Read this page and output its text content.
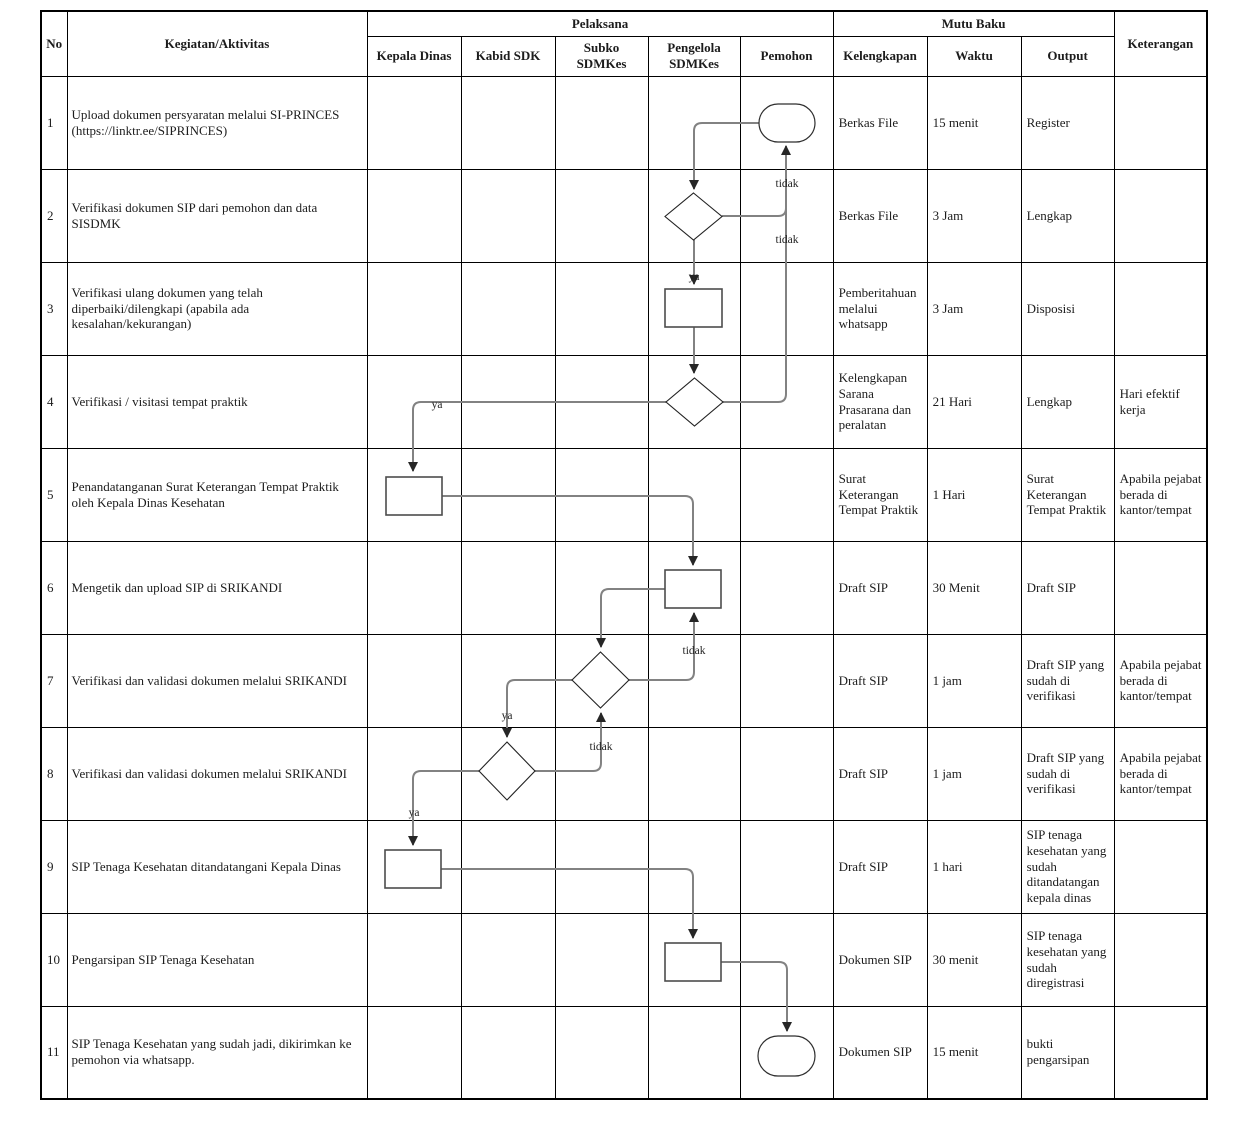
No	Kegiatan/Aktivitas	Pelaksana					Mutu Baku			Keterangan
		Kepala Dinas	Kabid SDK	Subko SDMKes	Pengelola SDMKes	Pemohon	Kelengkapan	Waktu	Output	
1	Upload dokumen persyaratan melalui SI-PRINCES (https://linktr.ee/SIPRINCES)						Berkas File	15 menit	Register	
2	Verifikasi dokumen SIP dari pemohon dan data SISDMK						Berkas File	3 Jam	Lengkap	
3	Verifikasi ulang dokumen yang telah diperbaiki/dilengkapi (apabila ada kesalahan/kekurangan)						Pemberitahuan melalui whatsapp	3 Jam	Disposisi	
4	Verifikasi / visitasi tempat praktik						Kelengkapan Sarana Prasarana dan peralatan	21 Hari	Lengkap	Hari efektif kerja
5	Penandatanganan Surat Keterangan Tempat Praktik oleh Kepala Dinas Kesehatan						Surat Keterangan Tempat Praktik	1 Hari	Surat Keterangan Tempat Praktik	Apabila pejabat berada di kantor/tempat
6	Mengetik dan upload SIP di SRIKANDI						Draft SIP	30 Menit	Draft SIP	
7	Verifikasi dan validasi dokumen melalui SRIKANDI						Draft SIP	1 jam	Draft SIP yang sudah di verifikasi	Apabila pejabat berada di kantor/tempat
8	Verifikasi dan validasi dokumen melalui SRIKANDI						Draft SIP	1 jam	Draft SIP yang sudah di verifikasi	Apabila pejabat berada di kantor/tempat
9	SIP Tenaga Kesehatan ditandatangani Kepala Dinas						Draft SIP	1 hari	SIP tenaga kesehatan yang sudah ditandatangan kepala dinas	
10	Pengarsipan SIP Tenaga Kesehatan						Dokumen SIP	30 menit	SIP tenaga kesehatan yang sudah diregistrasi	
11	SIP Tenaga Kesehatan yang sudah jadi, dikirimkan ke pemohon via whatsapp.						Dokumen SIP	15 menit	bukti pengarsipan	
tidak
tidak
ya
ya
tidak
ya
tidak
ya
